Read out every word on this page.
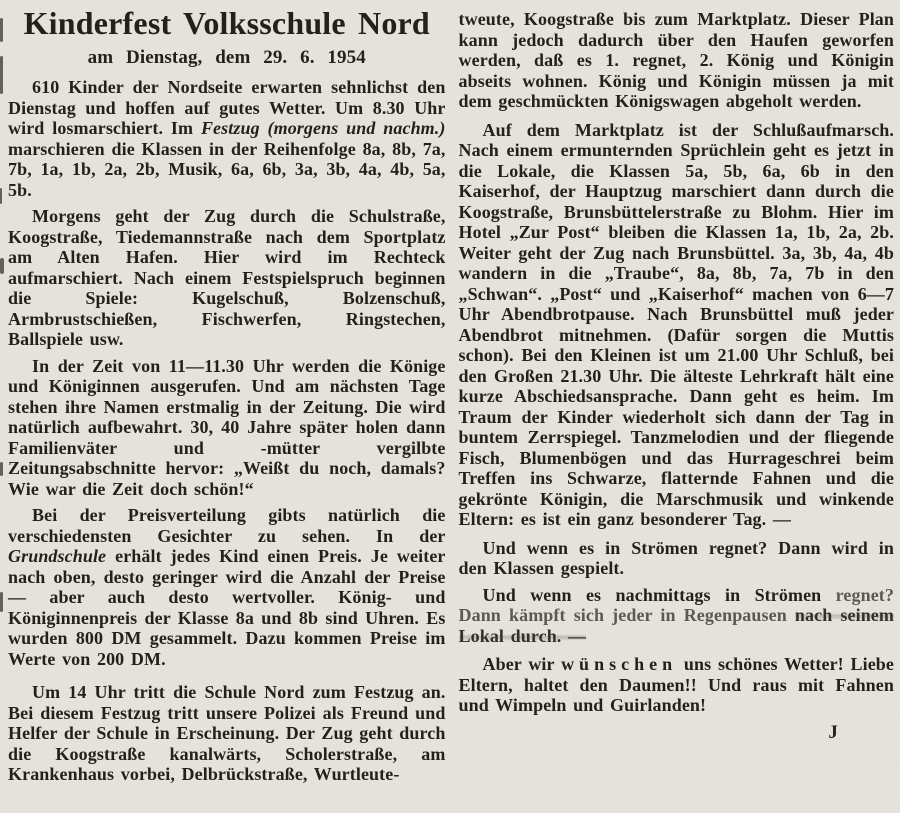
Kinderfest Volksschule Nord
am Dienstag, dem 29. 6. 1954

610 Kinder der Nordseite erwarten sehnlichst den Dienstag und hoffen auf gutes Wetter. Um 8.30 Uhr wird losmarschiert. Im Festzug (morgens und nachm.) marschieren die Klassen in der Reihenfolge 8a, 8b, 7a, 7b, 1a, 1b, 2a, 2b, Musik, 6a, 6b, 3a, 3b, 4a, 4b, 5a, 5b.

Morgens geht der Zug durch die Schulstraße, Koogstraße, Tiedemannstraße nach dem Sportplatz am Alten Hafen. Hier wird im Rechteck aufmarschiert. Nach einem Festspielspruch beginnen die Spiele: Kugelschuß, Bolzenschuß, Armbrustschießen, Fischwerfen, Ringstechen, Ballspiele usw.

In der Zeit von 11—11.30 Uhr werden die Könige und Königinnen ausgerufen. Und am nächsten Tage stehen ihre Namen erstmalig in der Zeitung. Die wird natürlich aufbewahrt. 30, 40 Jahre später holen dann Familienväter und -mütter vergilbte Zeitungsabschnitte hervor: „Weißt du noch, damals? Wie war die Zeit doch schön!“

Bei der Preisverteilung gibts natürlich die verschiedensten Gesichter zu sehen. In der Grundschule erhält jedes Kind einen Preis. Je weiter nach oben, desto geringer wird die Anzahl der Preise — aber auch desto wertvoller. König- und Königinnenpreis der Klasse 8a und 8b sind Uhren. Es wurden 800 DM gesammelt. Dazu kommen Preise im Werte von 200 DM.

Um 14 Uhr tritt die Schule Nord zum Festzug an. Bei diesem Festzug tritt unsere Polizei als Freund und Helfer der Schule in Erscheinung. Der Zug geht durch die Koogstraße kanalwärts, Scholerstraße, am Krankenhaus vorbei, Delbrückstraße, Wurtleute-

tweute, Koogstraße bis zum Marktplatz. Dieser Plan kann jedoch dadurch über den Haufen geworfen werden, daß es 1. regnet, 2. König und Königin abseits wohnen. König und Königin müssen ja mit dem geschmückten Königswagen abgeholt werden.

Auf dem Marktplatz ist der Schlußaufmarsch. Nach einem ermunternden Sprüchlein geht es jetzt in die Lokale, die Klassen 5a, 5b, 6a, 6b in den Kaiserhof, der Hauptzug marschiert dann durch die Koogstraße, Brunsbüttelerstraße zu Blohm. Hier im Hotel „Zur Post“ bleiben die Klassen 1a, 1b, 2a, 2b. Weiter geht der Zug nach Brunsbüttel. 3a, 3b, 4a, 4b wandern in die „Traube“, 8a, 8b, 7a, 7b in den „Schwan“. „Post“ und „Kaiserhof“ machen von 6—7 Uhr Abendbrotpause. Nach Brunsbüttel muß jeder Abendbrot mitnehmen. (Dafür sorgen die Muttis schon). Bei den Kleinen ist um 21.00 Uhr Schluß, bei den Großen 21.30 Uhr. Die älteste Lehrkraft hält eine kurze Abschiedsansprache. Dann geht es heim. Im Traum der Kinder wiederholt sich dann der Tag in buntem Zerrspiegel. Tanzmelodien und der fliegende Fisch, Blumenbögen und das Hurrageschrei beim Treffen ins Schwarze, flatternde Fahnen und die gekrönte Königin, die Marschmusik und winkende Eltern: es ist ein ganz besonderer Tag. —

Und wenn es in Strömen regnet? Dann wird in den Klassen gespielt.

Und wenn es nachmittags in Strömen regnet? Dann kämpft sich jeder in Regenpausen nach seinem Lokal durch. —

Aber wir wünschen uns schönes Wetter! Liebe Eltern, haltet den Daumen!! Und raus mit Fahnen und Wimpeln und Guirlanden!

J
